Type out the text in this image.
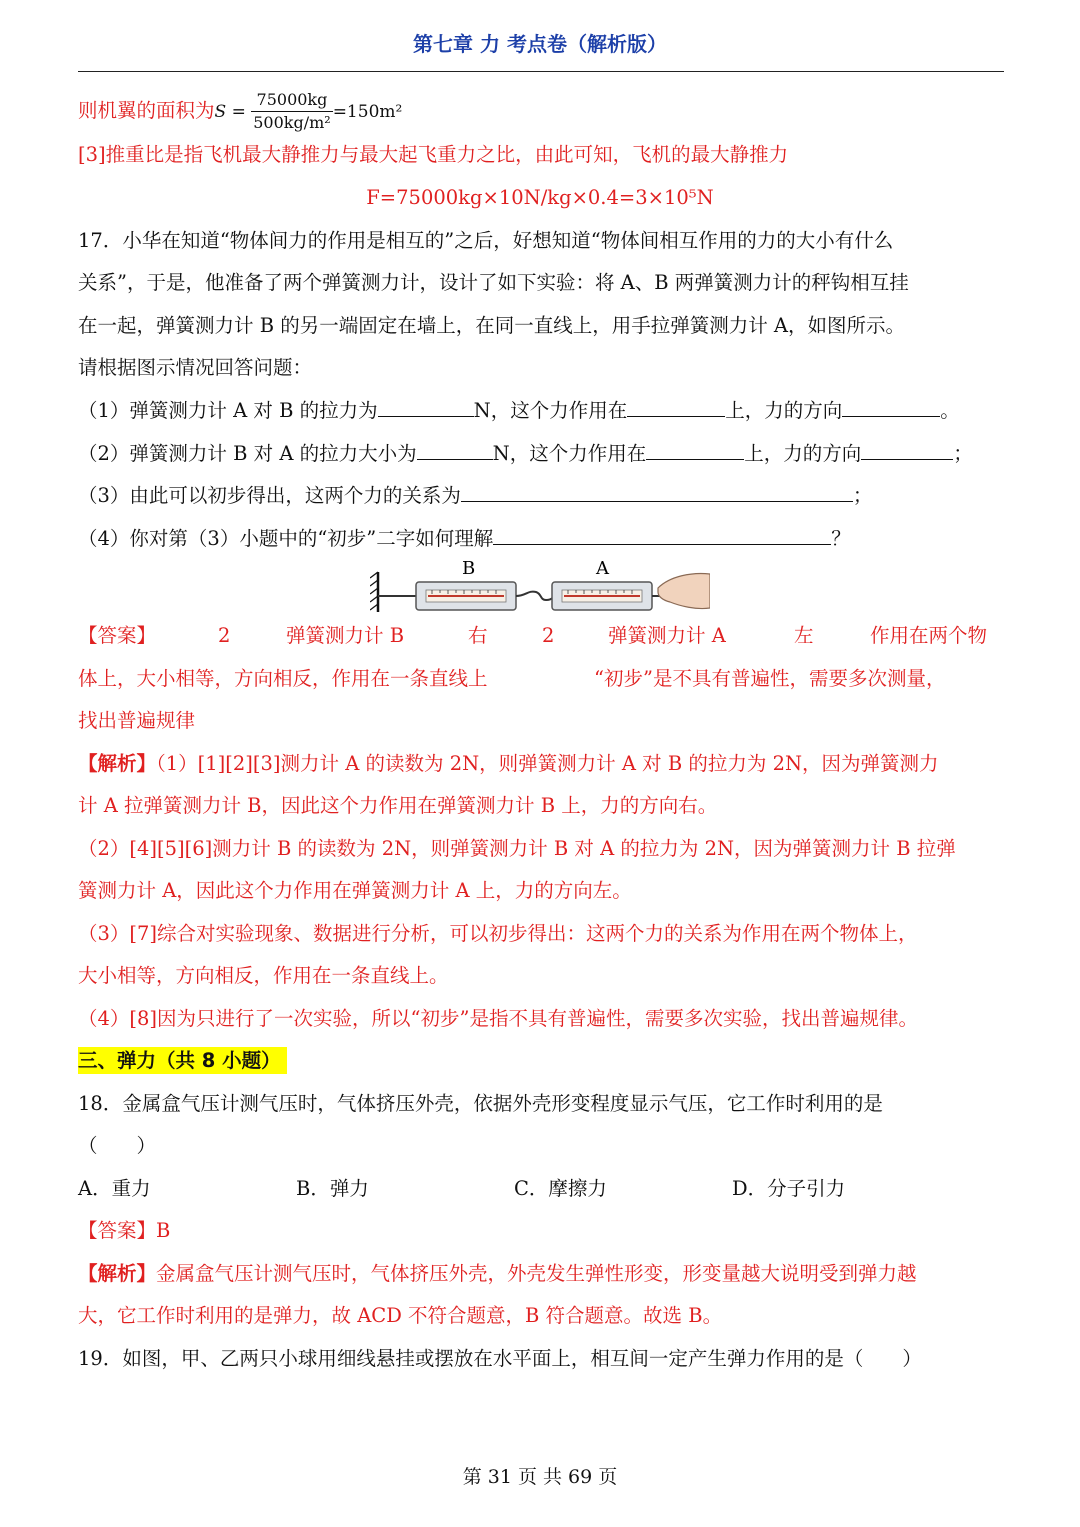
第七章 力 考点卷（解析版）
则机翼的面积为$S = \frac{75000kg}{\text{500kg/m²}} =150m^2$
[3]推重比是指飞机最大静推力与最大起飞重力之比，由此可知，飞机的最大静推力
F=75000kg×10N/kg×0.4=3×10⁵N
17．小华在知道“物体间力的作用是相互的”之后，好想知道“物体间相互作用的力的大小有什么
关系”，于是，他准备了两个弹簧测力计，设计了如下实验：将 A、B 两弹簧测力计的秤钩相互挂
在一起，弹簧测力计 B 的另一端固定在墙上，在同一直线上，用手拉弹簧测力计 A，如图所示。
请根据图示情况回答问题：
（1）弹簧测力计 A 对 B 的拉力为	N，这个力作用在	上，力的方向	。
（2）弹簧测力计 B 对 A 的拉力大小为	N，这个力作用在	上，力的方向	；
（3）由此可以初步得出，这两个力的关系为	；
（4）你对第（3）小题中的“初步”二字如何理解	？
B	A
【答案】	2	弹簧测力计 B	右	2	弹簧测力计 A	左	作用在两个物
体上，大小相等，方向相反，作用在一条直线上	“初步”是不具有普遍性，需要多次测量，
找出普遍规律
【解析】（1）[1][2][3]测力计 A 的读数为 2N，则弹簧测力计 A 对 B 的拉力为 2N，因为弹簧测力
计 A 拉弹簧测力计 B，因此这个力作用在弹簧测力计 B 上，力的方向右。
（2）[4][5][6]测力计 B 的读数为 2N，则弹簧测力计 B 对 A 的拉力为 2N，因为弹簧测力计 B 拉弹
簧测力计 A，因此这个力作用在弹簧测力计 A 上，力的方向左。
（3）[7]综合对实验现象、数据进行分析，可以初步得出：这两个力的关系为作用在两个物体上，
大小相等，方向相反，作用在一条直线上。
（4）[8]因为只进行了一次实验，所以“初步”是指不具有普遍性，需要多次实验，找出普遍规律。
三、弹力（共 8 小题）
18．金属盒气压计测气压时，气体挤压外壳，依据外壳形变程度显示气压，它工作时利用的是
（　　）
A．重力	B．弹力	C．摩擦力	D．分子引力
【答案】B
【解析】金属盒气压计测气压时，气体挤压外壳，外壳发生弹性形变，形变量越大说明受到弹力越
大，它工作时利用的是弹力，故 ACD 不符合题意，B 符合题意。故选 B。
19．如图，甲、乙两只小球用细线悬挂或摆放在水平面上，相互间一定产生弹力作用的是（　　）
第 31 页 共 69 页
